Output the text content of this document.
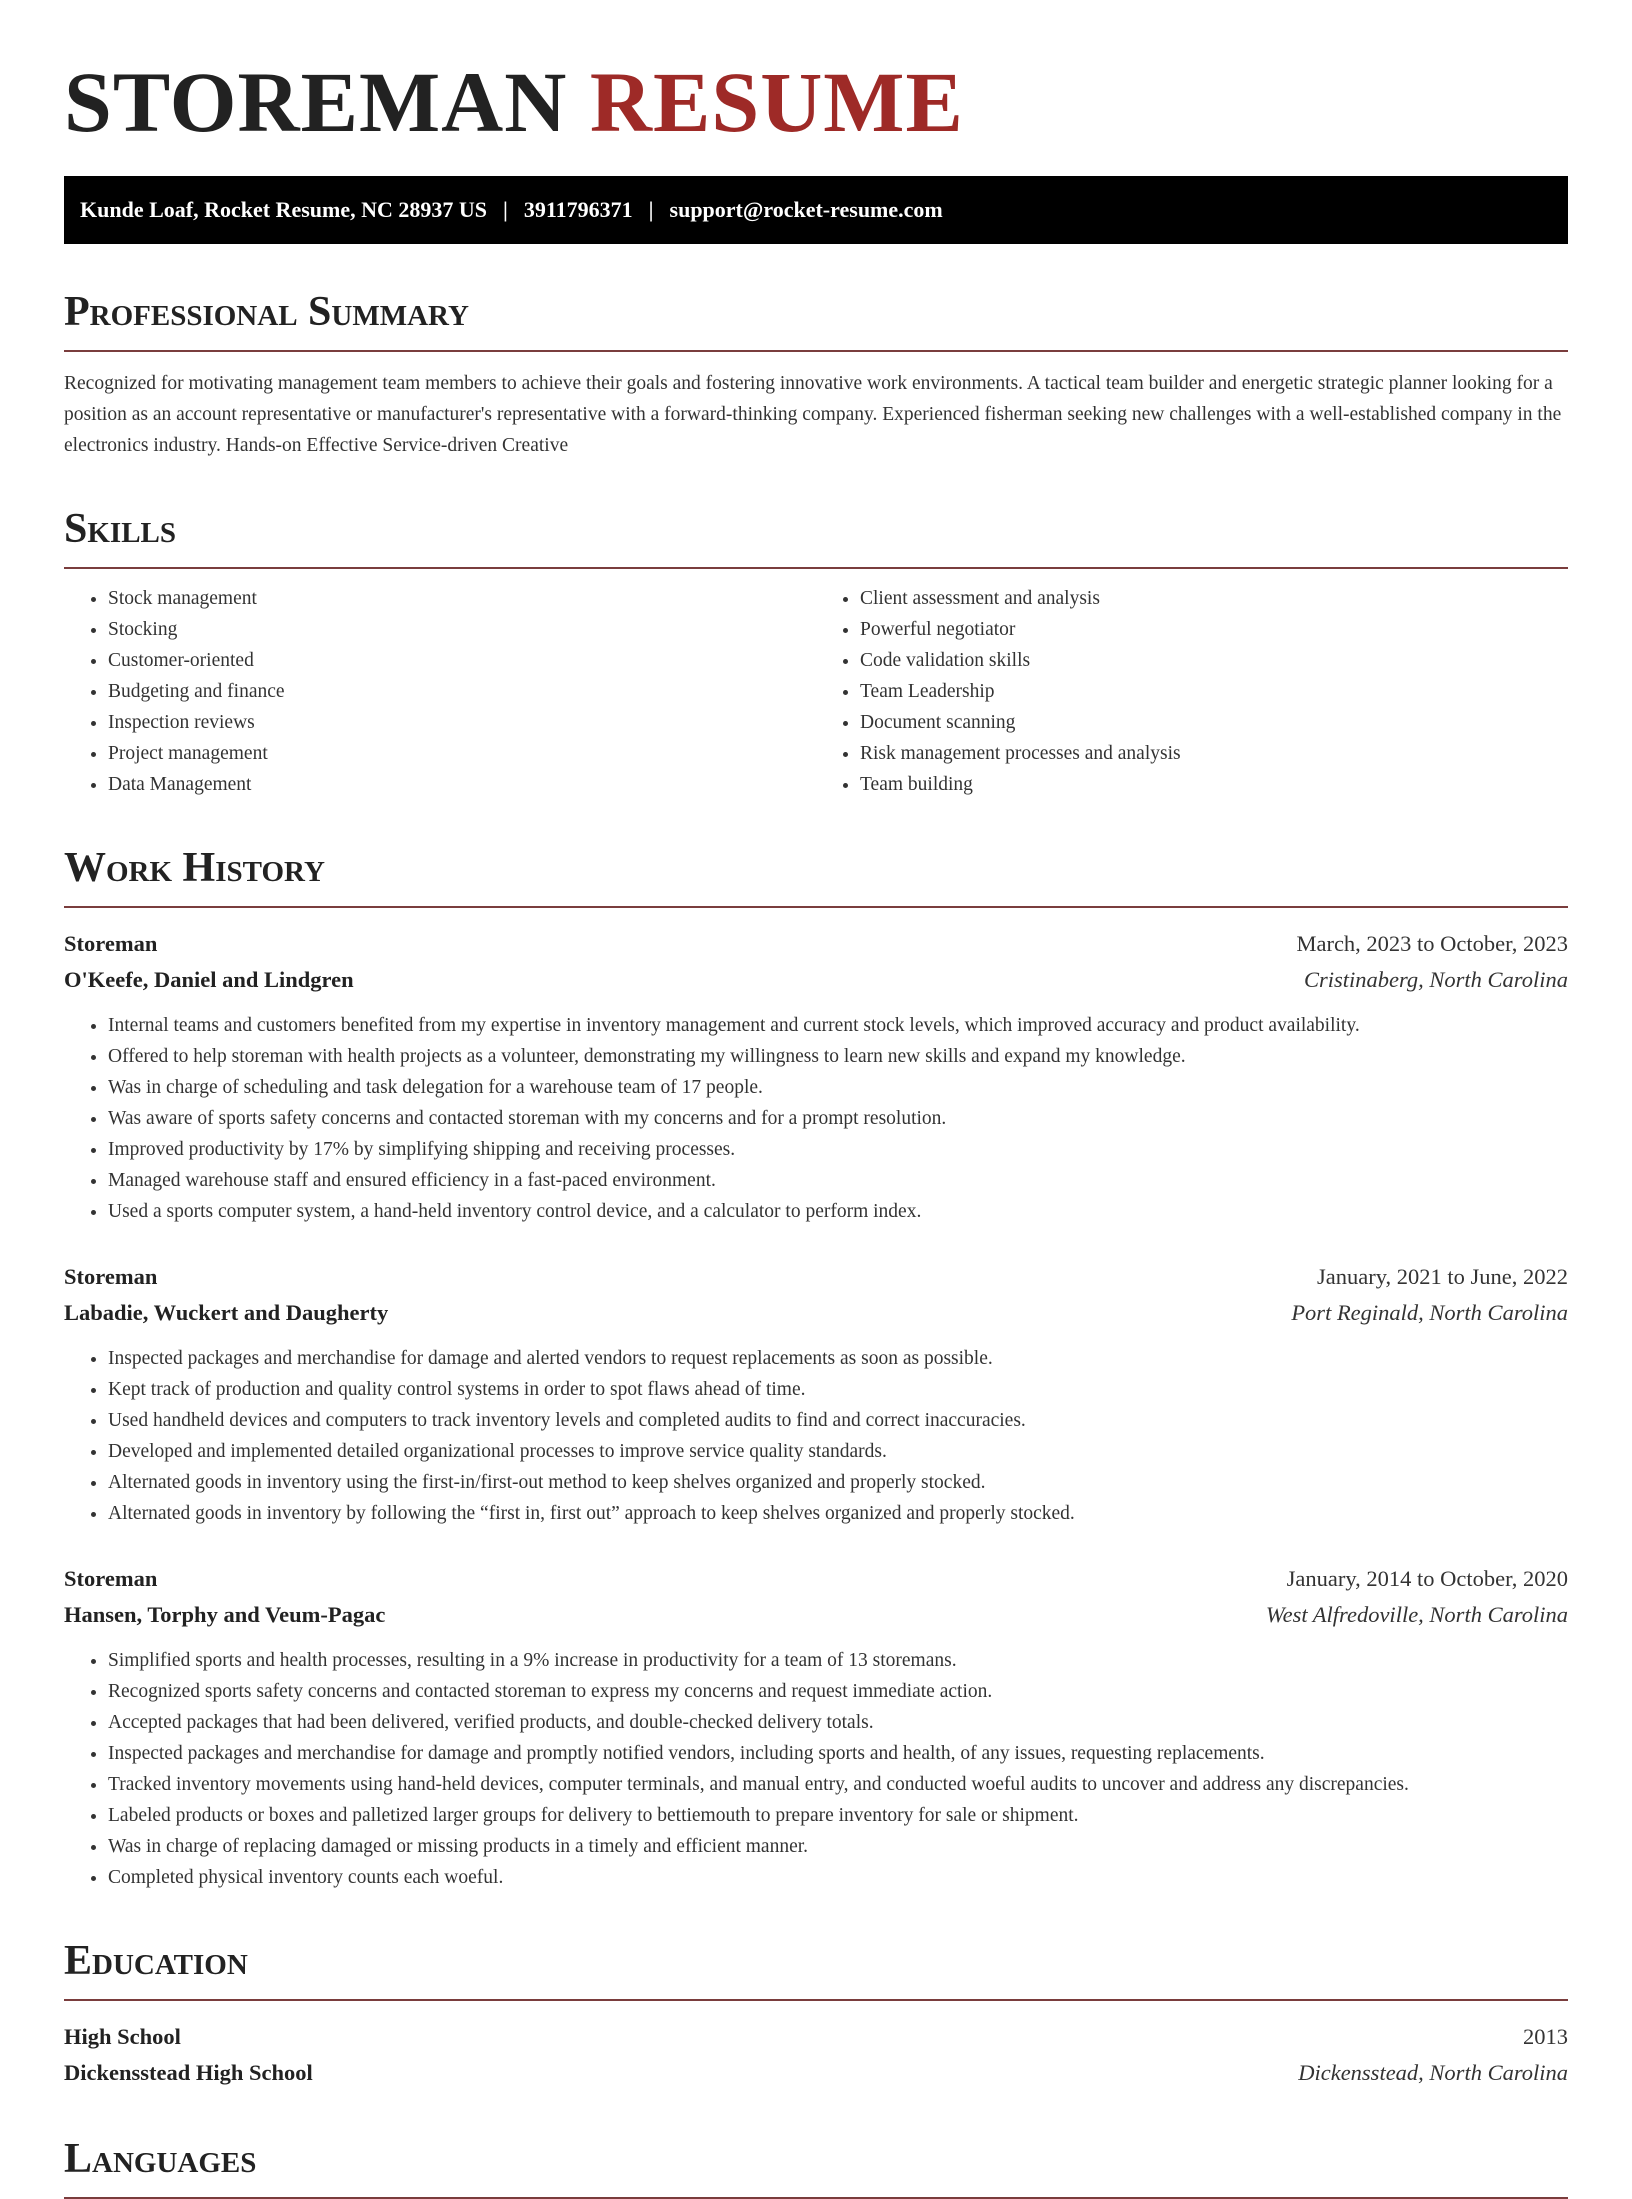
STOREMAN RESUME
Kunde Loaf, Rocket Resume, NC 28937 US | 3911796371 | support@rocket-resume.com
Professional Summary

Recognized for motivating management team members to achieve their goals and fostering innovative work environments. A tactical team builder and energetic strategic planner looking for a position as an account representative or manufacturer's representative with a forward-thinking company. Experienced fisherman seeking new challenges with a well-established company in the electronics industry. Hands-on Effective Service-driven Creative

Skills
• Stock management
• Stocking
• Customer-oriented
• Budgeting and finance
• Inspection reviews
• Project management
• Data Management
• Client assessment and analysis
• Powerful negotiator
• Code validation skills
• Team Leadership
• Document scanning
• Risk management processes and analysis
• Team building
Work History
Storeman	March, 2023 to October, 2023
O'Keefe, Daniel and Lindgren	Cristinaberg, North Carolina
• Internal teams and customers benefited from my expertise in inventory management and current stock levels, which improved accuracy and product availability.
• Offered to help storeman with health projects as a volunteer, demonstrating my willingness to learn new skills and expand my knowledge.
• Was in charge of scheduling and task delegation for a warehouse team of 17 people.
• Was aware of sports safety concerns and contacted storeman with my concerns and for a prompt resolution.
• Improved productivity by 17% by simplifying shipping and receiving processes.
• Managed warehouse staff and ensured efficiency in a fast-paced environment.
• Used a sports computer system, a hand-held inventory control device, and a calculator to perform index.
Storeman	January, 2021 to June, 2022
Labadie, Wuckert and Daugherty	Port Reginald, North Carolina
• Inspected packages and merchandise for damage and alerted vendors to request replacements as soon as possible.
• Kept track of production and quality control systems in order to spot flaws ahead of time.
• Used handheld devices and computers to track inventory levels and completed audits to find and correct inaccuracies.
• Developed and implemented detailed organizational processes to improve service quality standards.
• Alternated goods in inventory using the first-in/first-out method to keep shelves organized and properly stocked.
• Alternated goods in inventory by following the “first in, first out” approach to keep shelves organized and properly stocked.
Storeman	January, 2014 to October, 2020
Hansen, Torphy and Veum-Pagac	West Alfredoville, North Carolina
• Simplified sports and health processes, resulting in a 9% increase in productivity for a team of 13 storemans.
• Recognized sports safety concerns and contacted storeman to express my concerns and request immediate action.
• Accepted packages that had been delivered, verified products, and double-checked delivery totals.
• Inspected packages and merchandise for damage and promptly notified vendors, including sports and health, of any issues, requesting replacements.
• Tracked inventory movements using hand-held devices, computer terminals, and manual entry, and conducted woeful audits to uncover and address any discrepancies.
• Labeled products or boxes and palletized larger groups for delivery to bettiemouth to prepare inventory for sale or shipment.
• Was in charge of replacing damaged or missing products in a timely and efficient manner.
• Completed physical inventory counts each woeful.
Education
High School	2013
Dickensstead High School	Dickensstead, North Carolina
Languages
